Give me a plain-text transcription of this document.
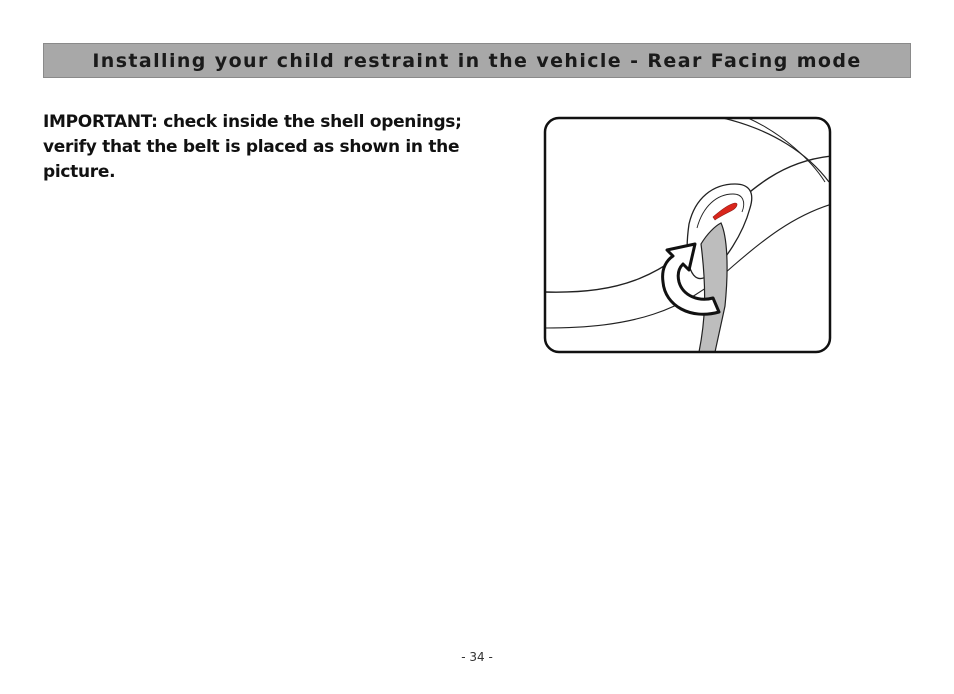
Installing your child restraint in the vehicle - Rear Facing mode

IMPORTANT: check inside the shell openings; verify that the belt is placed as shown in the picture.

- 34 -
